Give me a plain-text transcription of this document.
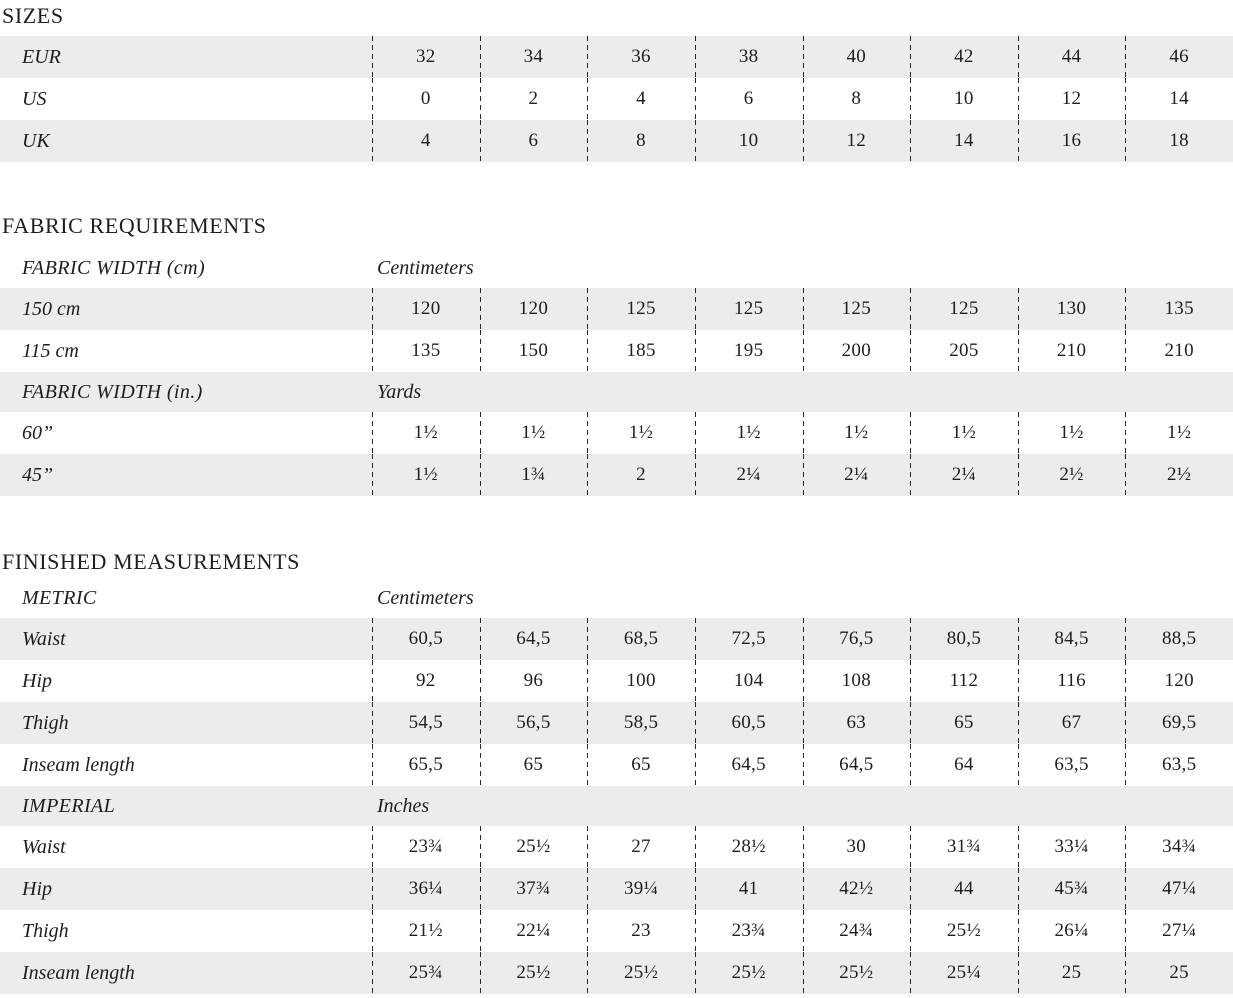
SIZES
EUR	32	34	36	38	40	42	44	46
US	0	2	4	6	8	10	12	14
UK	4	6	8	10	12	14	16	18
FABRIC REQUIREMENTS
FABRIC WIDTH (cm)	Centimeters
150 cm	120	120	125	125	125	125	130	135
115 cm	135	150	185	195	200	205	210	210
FABRIC WIDTH (in.)	Yards
60”	1½	1½	1½	1½	1½	1½	1½	1½
45”	1½	1¾	2	2¼	2¼	2¼	2½	2½
FINISHED MEASUREMENTS
METRIC	Centimeters
Waist	60,5	64,5	68,5	72,5	76,5	80,5	84,5	88,5
Hip	92	96	100	104	108	112	116	120
Thigh	54,5	56,5	58,5	60,5	63	65	67	69,5
Inseam length	65,5	65	65	64,5	64,5	64	63,5	63,5
IMPERIAL	Inches
Waist	23¾	25½	27	28½	30	31¾	33¼	34¾
Hip	36¼	37¾	39¼	41	42½	44	45¾	47¼
Thigh	21½	22¼	23	23¾	24¾	25½	26¼	27¼
Inseam length	25¾	25½	25½	25½	25½	25¼	25	25
